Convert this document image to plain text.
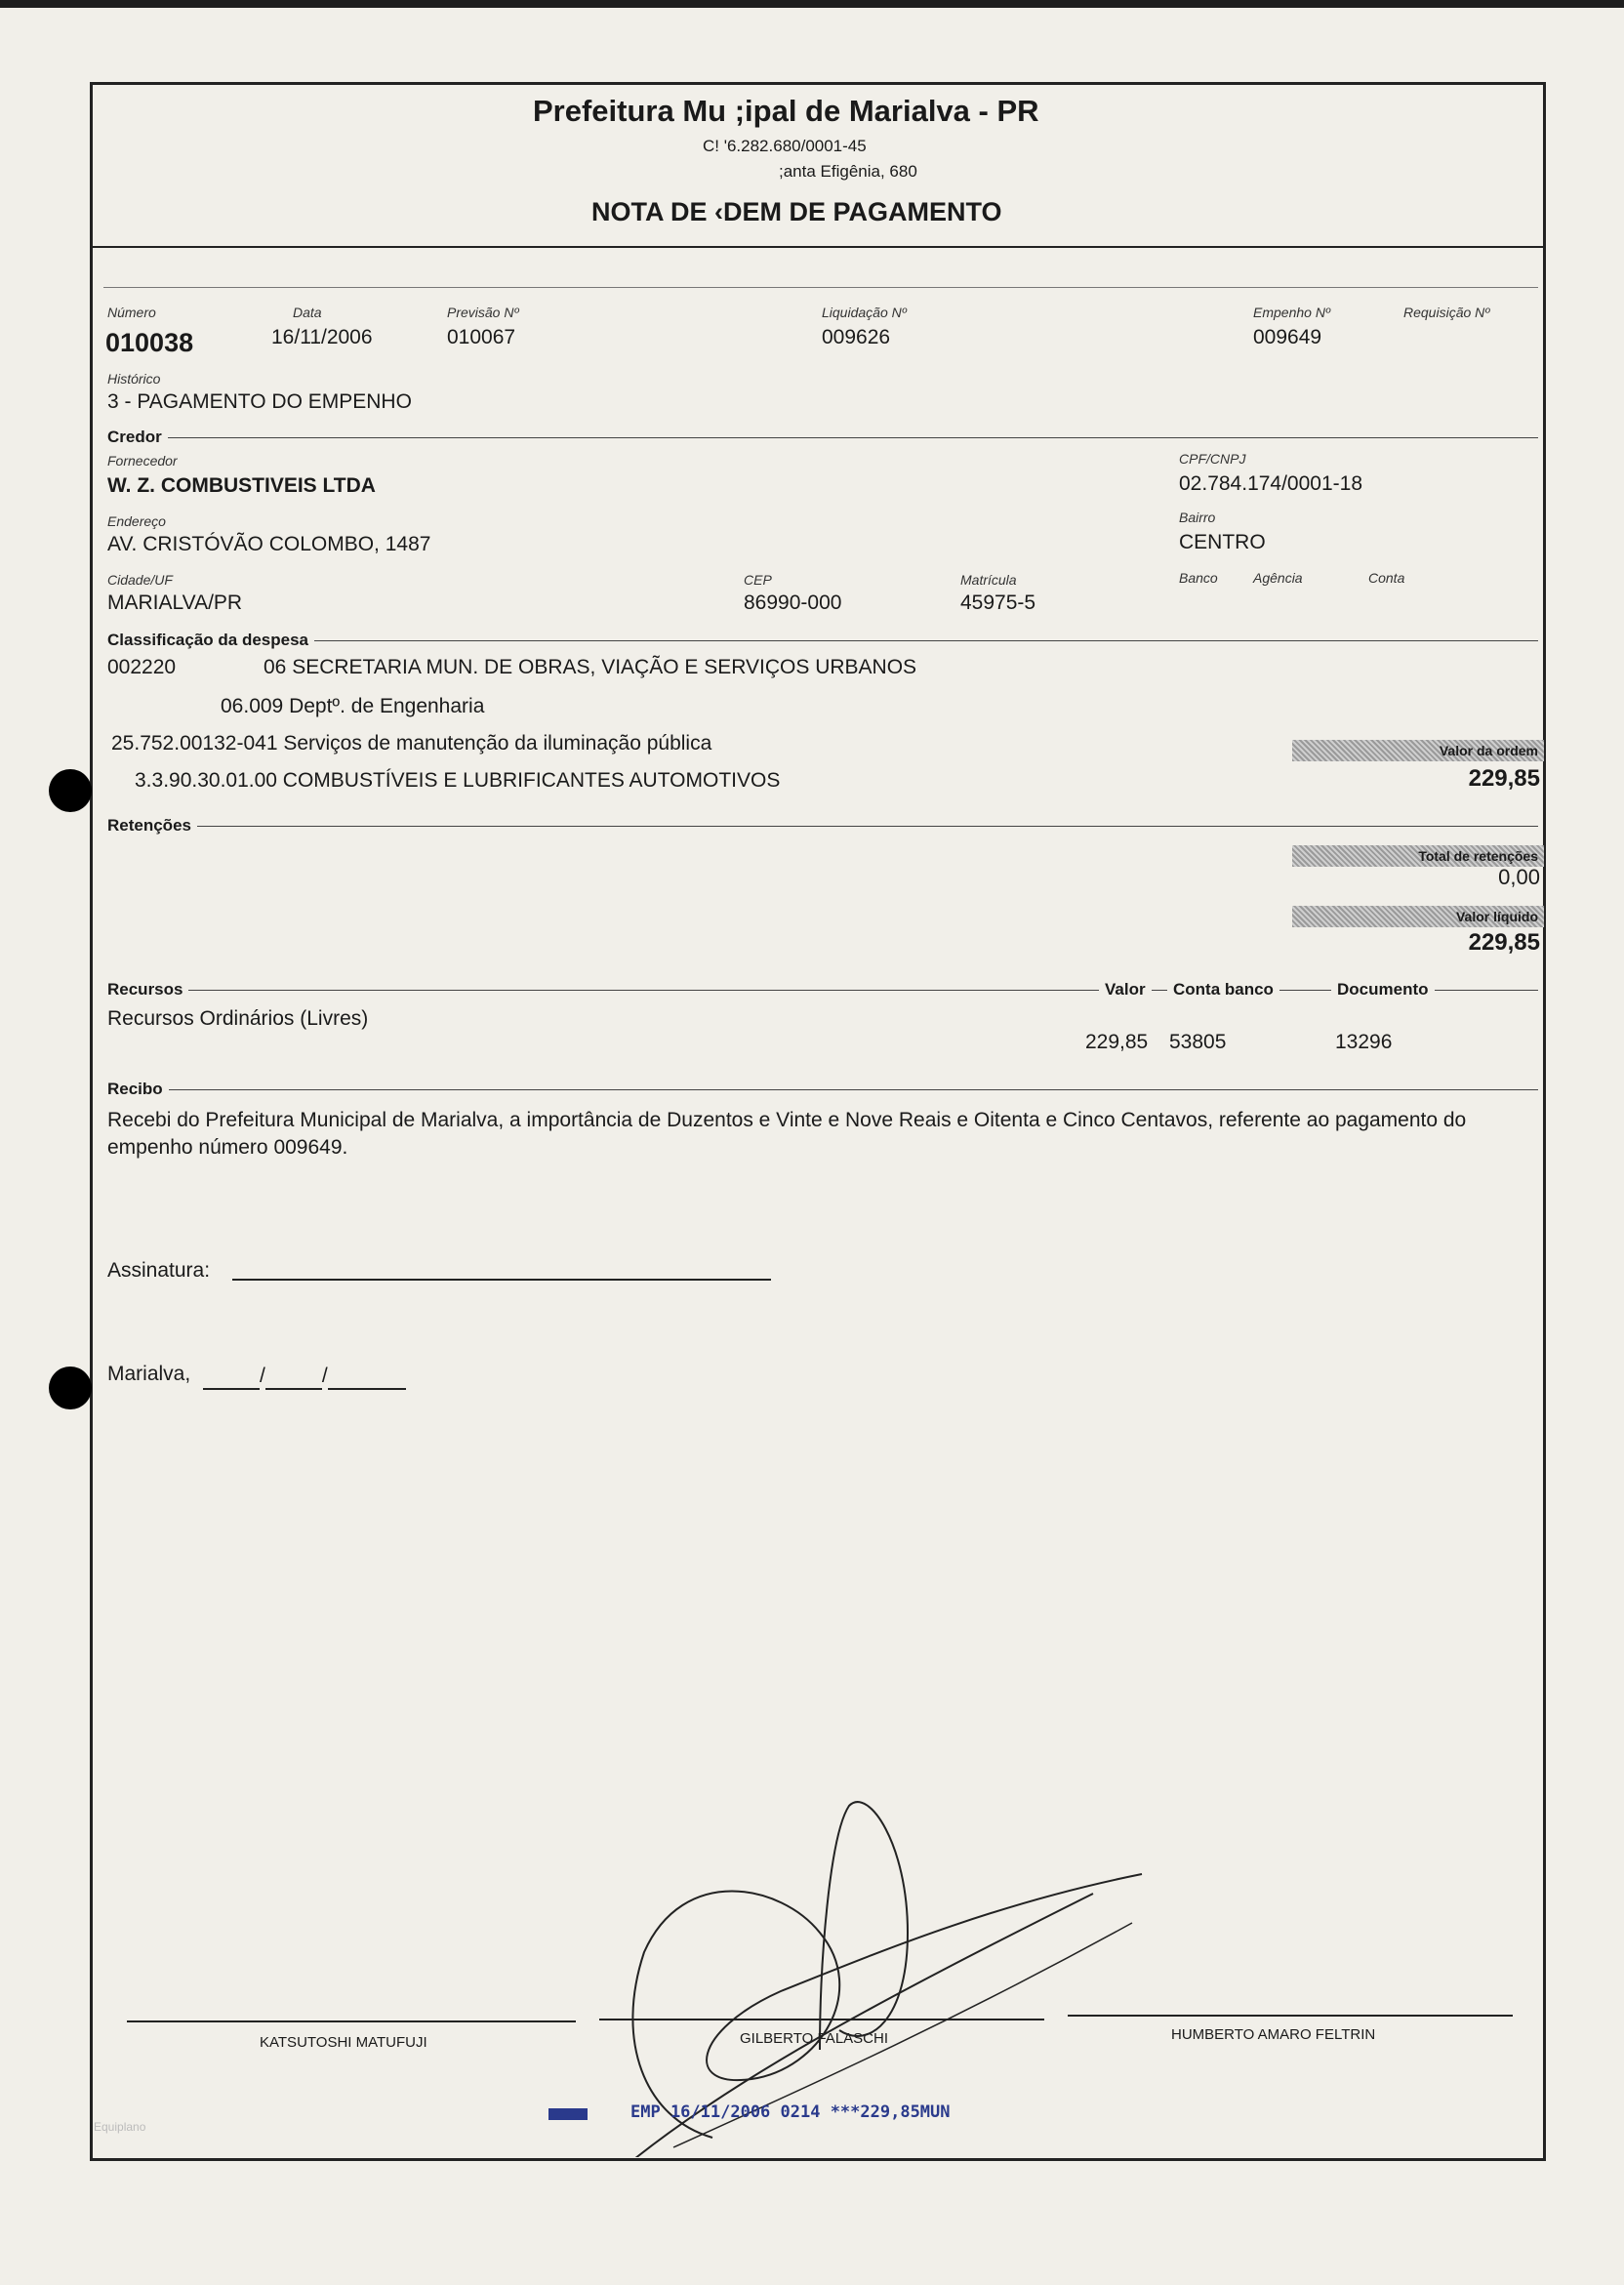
Prefeitura Mu ;ipal de Marialva - PR
C! '6.282.680/0001-45
;anta Efigênia, 680
NOTA DE ‹DEM DE PAGAMENTO
Número
010038
Data
16/11/2006
Previsão Nº
010067
Liquidação Nº
009626
Empenho Nº
009649
Requisição Nº
Histórico
3 - PAGAMENTO DO EMPENHO
Credor
Fornecedor
W. Z. COMBUSTIVEIS LTDA
CPF/CNPJ
02.784.174/0001-18
Endereço
AV. CRISTÓVÃO COLOMBO, 1487
Bairro
CENTRO
Cidade/UF
MARIALVA/PR
CEP
86990-000
Matrícula
45975-5
Banco	Agência	Conta
Classificação da despesa
002220	06 SECRETARIA MUN. DE OBRAS, VIAÇÃO E SERVIÇOS URBANOS
06.009 Deptº. de Engenharia
25.752.00132-041 Serviços de manutenção da iluminação pública
3.3.90.30.01.00 COMBUSTÍVEIS E LUBRIFICANTES AUTOMOTIVOS
Valor da ordem
229,85
Retenções
Total de retenções
0,00
Valor líquido
229,85
Recursos	Valor	Conta banco	Documento
Recursos Ordinários (Livres)
229,85 53805	13296
Recibo
Recebi do Prefeitura Municipal de Marialva, a importância de Duzentos e Vinte e Nove Reais e Oitenta e Cinco Centavos, referente ao pagamento do empenho número 009649.
Assinatura:
Marialva,	/	/
KATSUTOSHI MATUFUJI	GILBERTO FALASCHI	HUMBERTO AMARO FELTRIN
Equiplano
EMP 16/11/2006 0214 ***229,85MUN
